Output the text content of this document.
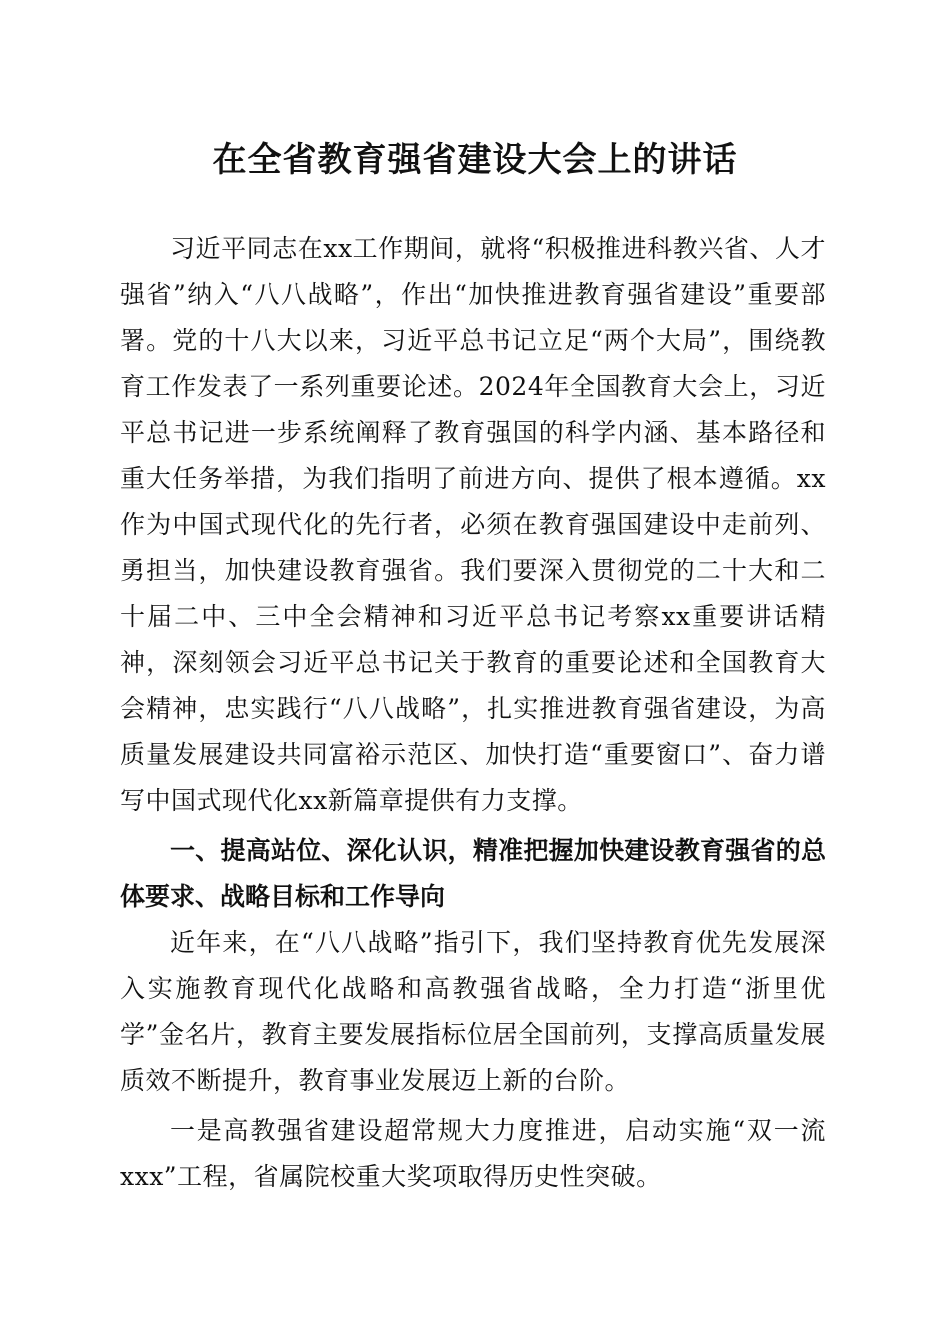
在全省教育强省建设大会上的讲话

习近平同志在xx工作期间，就将“积极推进科教兴省、人才强省”纳入“八八战略”，作出“加快推进教育强省建设”重要部署。党的十八大以来，习近平总书记立足“两个大局”，围绕教育工作发表了一系列重要论述。2024年全国教育大会上，习近平总书记进一步系统阐释了教育强国的科学内涵、基本路径和重大任务举措，为我们指明了前进方向、提供了根本遵循。xx作为中国式现代化的先行者，必须在教育强国建设中走前列、勇担当，加快建设教育强省。我们要深入贯彻党的二十大和二十届二中、三中全会精神和习近平总书记考察xx重要讲话精神，深刻领会习近平总书记关于教育的重要论述和全国教育大会精神，忠实践行“八八战略”，扎实推进教育强省建设，为高质量发展建设共同富裕示范区、加快打造“重要窗口”、奋力谱写中国式现代化xx新篇章提供有力支撑。

一、提高站位、深化认识，精准把握加快建设教育强省的总体要求、战略目标和工作导向

近年来，在“八八战略”指引下，我们坚持教育优先发展深入实施教育现代化战略和高教强省战略，全力打造“浙里优学”金名片，教育主要发展指标位居全国前列，支撑高质量发展质效不断提升，教育事业发展迈上新的台阶。

一是高教强省建设超常规大力度推进，启动实施“双一流xxx”工程，省属院校重大奖项取得历史性突破。
